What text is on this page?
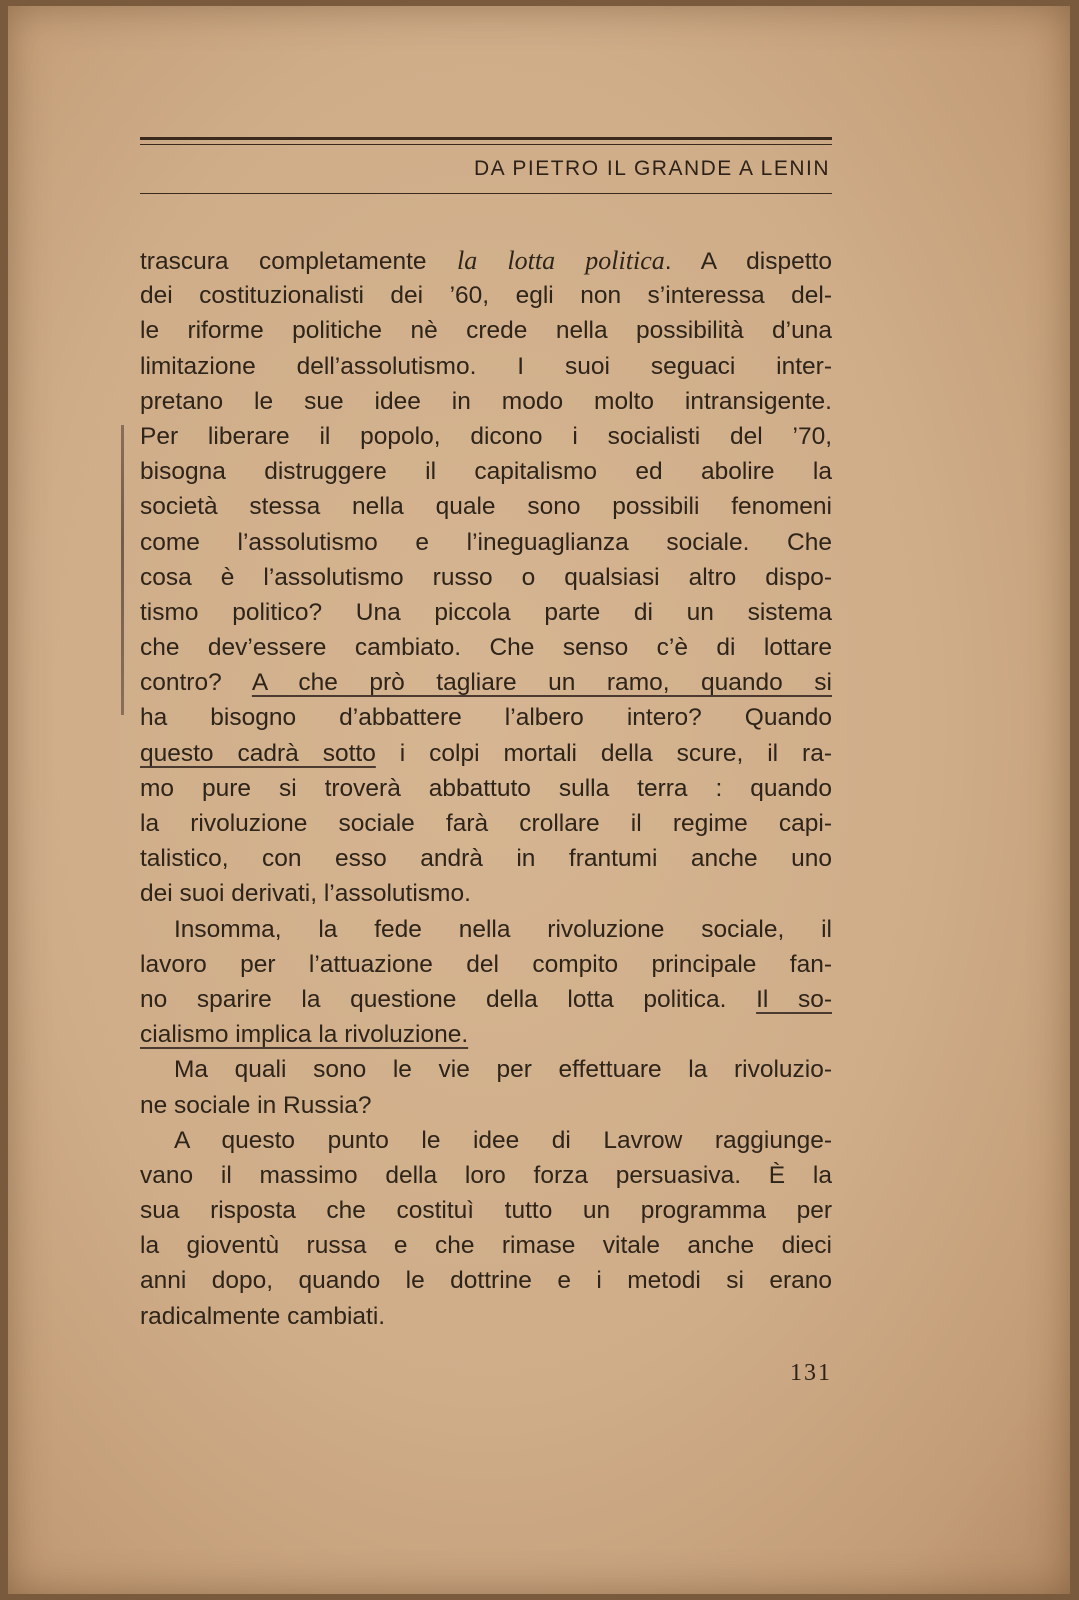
DA PIETRO IL GRANDE A LENIN
trascura completamente la lotta politica. A dispetto
dei costituzionalisti dei ’60, egli non s’interessa del-
le riforme politiche nè crede nella possibilità d’una
limitazione dell’assolutismo. I suoi seguaci inter-
pretano le sue idee in modo molto intransigente.
Per liberare il popolo, dicono i socialisti del ’70,
bisogna distruggere il capitalismo ed abolire la
società stessa nella quale sono possibili fenomeni
come l’assolutismo e l’ineguaglianza sociale. Che
cosa è l’assolutismo russo o qualsiasi altro dispo-
tismo politico? Una piccola parte di un sistema
che dev’essere cambiato. Che senso c’è di lottare
contro? A che prò tagliare un ramo, quando si
ha bisogno d’abbattere l’albero intero? Quando
questo cadrà sotto i colpi mortali della scure, il ra-
mo pure si troverà abbattuto sulla terra : quando
la rivoluzione sociale farà crollare il regime capi-
talistico, con esso andrà in frantumi anche uno
dei suoi derivati, l’assolutismo.
Insomma, la fede nella rivoluzione sociale, il
lavoro per l’attuazione del compito principale fan-
no sparire la questione della lotta politica. Il so-
cialismo implica la rivoluzione.
Ma quali sono le vie per effettuare la rivoluzio-
ne sociale in Russia?
A questo punto le idee di Lavrow raggiunge-
vano il massimo della loro forza persuasiva. È la
sua risposta che costituì tutto un programma per
la gioventù russa e che rimase vitale anche dieci
anni dopo, quando le dottrine e i metodi si erano
radicalmente cambiati.
131
